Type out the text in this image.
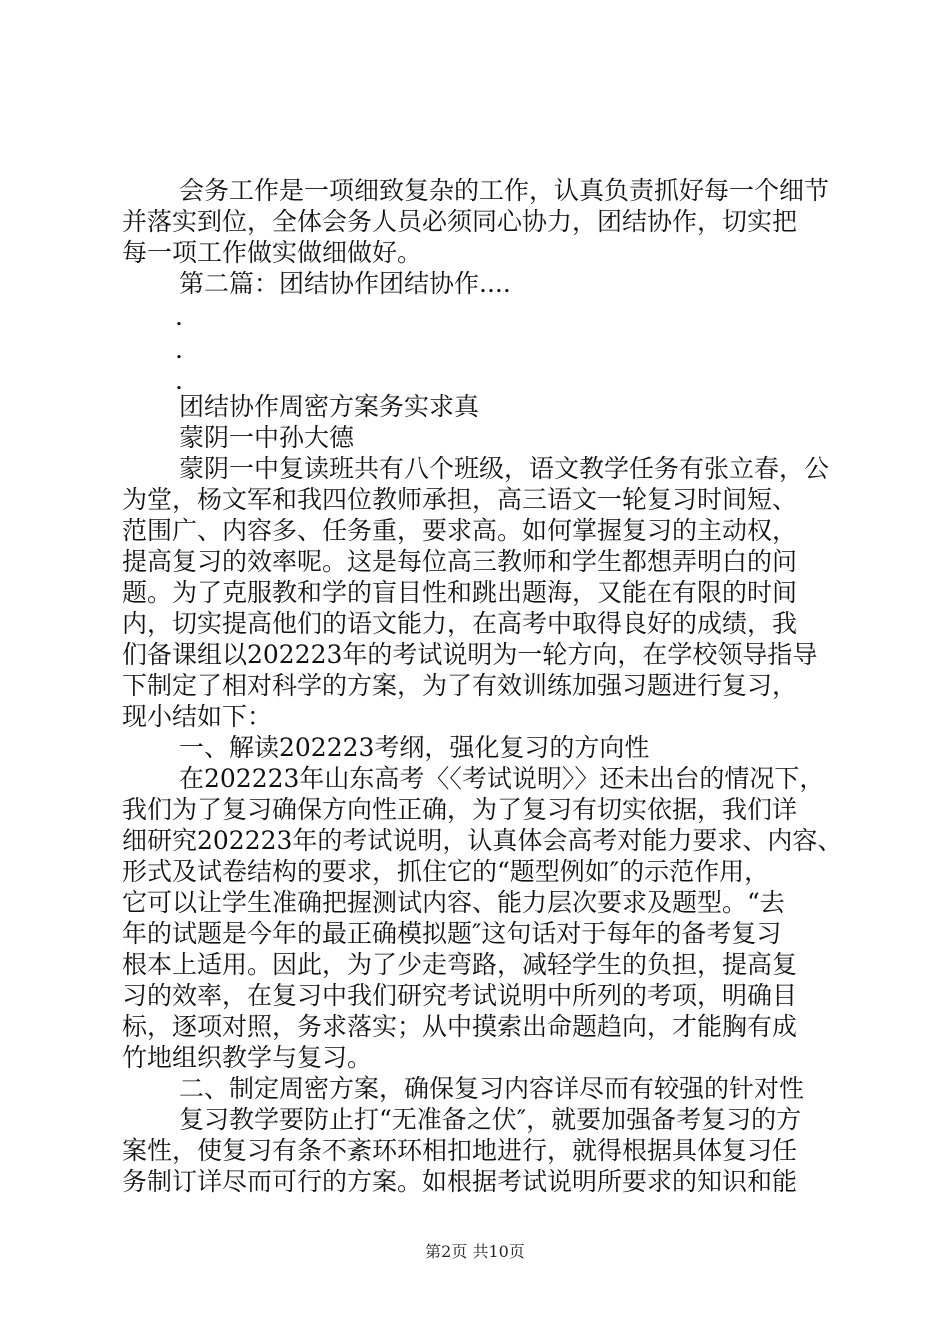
会务工作是一项细致复杂的工作，认真负责抓好每一个细节
并落实到位，全体会务人员必须同心协力，团结协作，切实把
每一项工作做实做细做好。
第二篇：团结协作团结协作....
.
.
.
团结协作周密方案务实求真
蒙阴一中孙大德
蒙阴一中复读班共有八个班级，语文教学任务有张立春，公
为堂，杨文军和我四位教师承担，高三语文一轮复习时间短、
范围广、内容多、任务重，要求高。如何掌握复习的主动权，
提高复习的效率呢。这是每位高三教师和学生都想弄明白的问
题。为了克服教和学的盲目性和跳出题海，又能在有限的时间
内，切实提高他们的语文能力，在高考中取得良好的成绩，我
们备课组以202223年的考试说明为一轮方向，在学校领导指导
下制定了相对科学的方案，为了有效训练加强习题进行复习，
现小结如下：
一、解读202223考纲，强化复习的方向性
在202223年山东高考〈〈考试说明〉〉还未出台的情况下，
我们为了复习确保方向性正确，为了复习有切实依据，我们详
细研究202223年的考试说明，认真体会高考对能力要求、内容、
形式及试卷结构的要求，抓住它的“题型例如″的示范作用，
它可以让学生准确把握测试内容、能力层次要求及题型。“去
年的试题是今年的最正确模拟题″这句话对于每年的备考复习
根本上适用。因此，为了少走弯路，减轻学生的负担，提高复
习的效率，在复习中我们研究考试说明中所列的考项，明确目
标，逐项对照，务求落实；从中摸索出命题趋向，才能胸有成
竹地组织教学与复习。
二、制定周密方案，确保复习内容详尽而有较强的针对性
复习教学要防止打“无准备之伏″，就要加强备考复习的方
案性，使复习有条不紊环环相扣地进行，就得根据具体复习任
务制订详尽而可行的方案。如根据考试说明所要求的知识和能
第2页 共10页
